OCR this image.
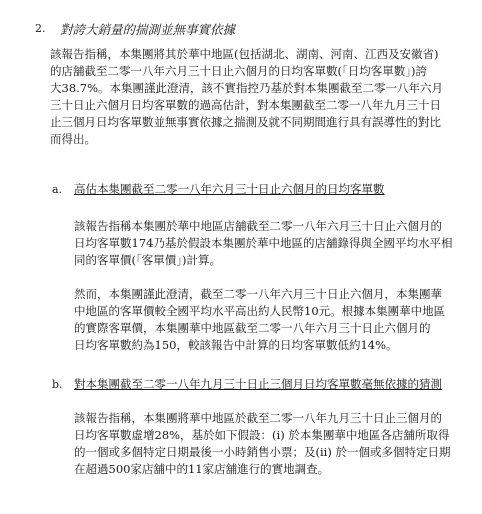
2. 對誇大銷量的揣測並無事實依據
該報告指稱，本集團將其於華中地區(包括湖北、湖南、河南、江西及安徽省)
的店舖截至二零一八年六月三十日止六個月的日均客單數(「日均客單數」)誇
大38.7%。本集團謹此澄清，該不實指控乃基於對本集團截至二零一八年六月
三十日止六個月日均客單數的過高估計，對本集團截至二零一八年九月三十日
止三個月日均客單數並無事實依據之揣測及就不同期間進行具有誤導性的對比
而得出。
a. 高估本集團截至二零一八年六月三十日止六個月的日均客單數
該報告指稱本集團於華中地區店舖截至二零一八年六月三十日止六個月的
日均客單數174乃基於假設本集團於華中地區的店舖錄得與全國平均水平相
同的客單價(「客單價」)計算。
然而，本集團謹此澄清，截至二零一八年六月三十日止六個月，本集團華
中地區的客單價較全國平均水平高出約人民幣10元。根據本集團華中地區
的實際客單價，本集團華中地區截至二零一八年六月三十日止六個月的
日均客單數約為150，較該報告中計算的日均客單數低約14%。
b. 對本集團截至二零一八年九月三十日止三個月日均客單數毫無依據的猜測
該報告指稱，本集團將華中地區於截至二零一八年九月三十日止三個月的
日均客單數虛增28%，基於如下假設：(i) 於本集團華中地區各店舖所取得
的一個或多個特定日期最後一小時銷售小票；及(ii) 於一個或多個特定日期
在超過500家店舖中的11家店舖進行的實地調查。
